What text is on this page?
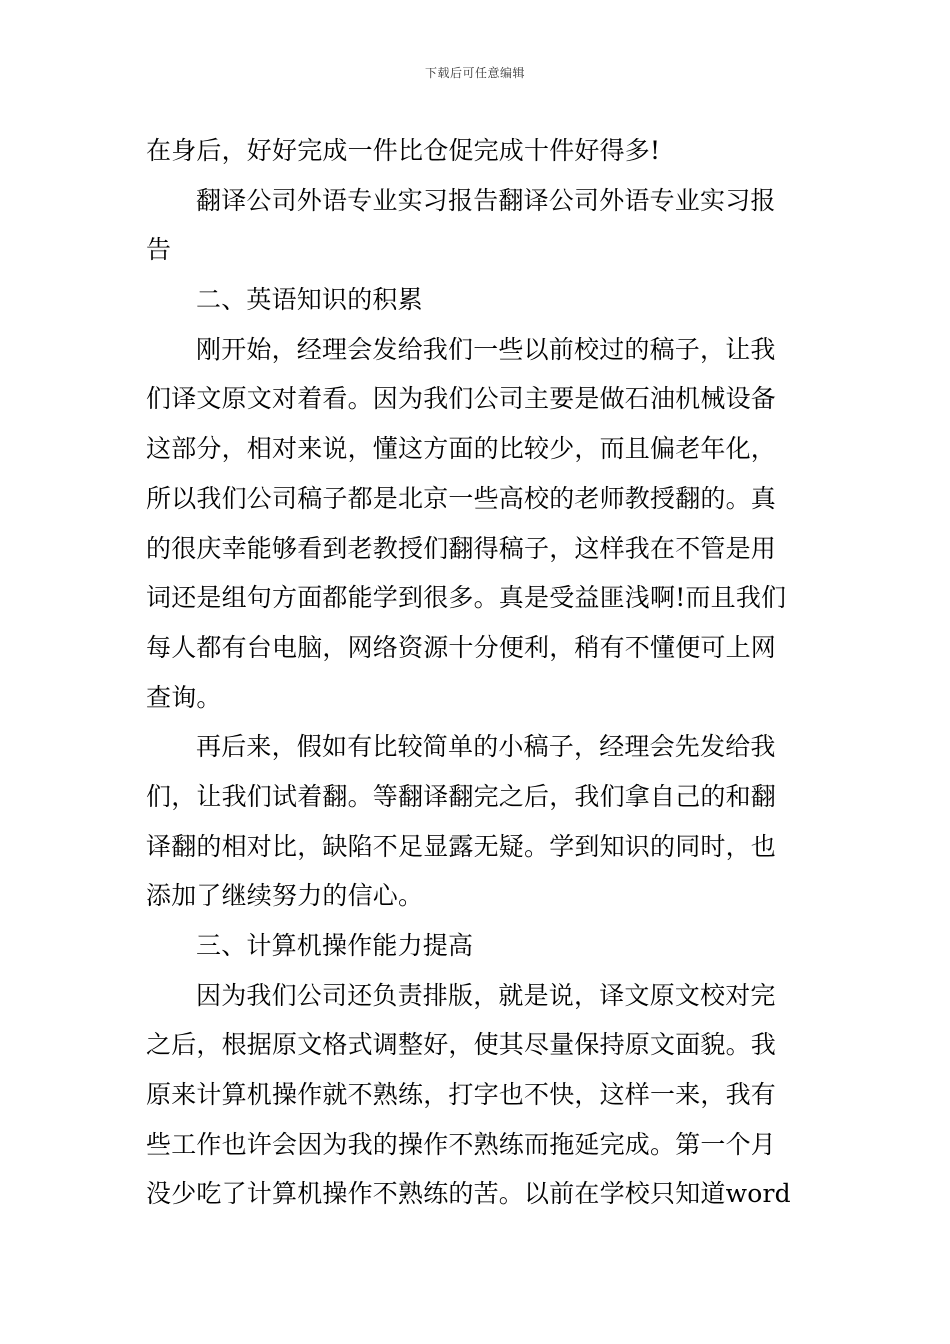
下载后可任意编辑
在身后，好好完成一件比仓促完成十件好得多!
翻译公司外语专业实习报告翻译公司外语专业实习报
告
二、英语知识的积累
刚开始，经理会发给我们一些以前校过的稿子，让我
们译文原文对着看。因为我们公司主要是做石油机械设备
这部分，相对来说，懂这方面的比较少，而且偏老年化，
所以我们公司稿子都是北京一些高校的老师教授翻的。真
的很庆幸能够看到老教授们翻得稿子，这样我在不管是用
词还是组句方面都能学到很多。真是受益匪浅啊!而且我们
每人都有台电脑，网络资源十分便利，稍有不懂便可上网
查询。
再后来，假如有比较简单的小稿子，经理会先发给我
们，让我们试着翻。等翻译翻完之后，我们拿自己的和翻
译翻的相对比，缺陷不足显露无疑。学到知识的同时，也
添加了继续努力的信心。
三、计算机操作能力提高
因为我们公司还负责排版，就是说，译文原文校对完
之后，根据原文格式调整好，使其尽量保持原文面貌。我
原来计算机操作就不熟练，打字也不快，这样一来，我有
些工作也许会因为我的操作不熟练而拖延完成。第一个月
没少吃了计算机操作不熟练的苦。以前在学校只知道word
